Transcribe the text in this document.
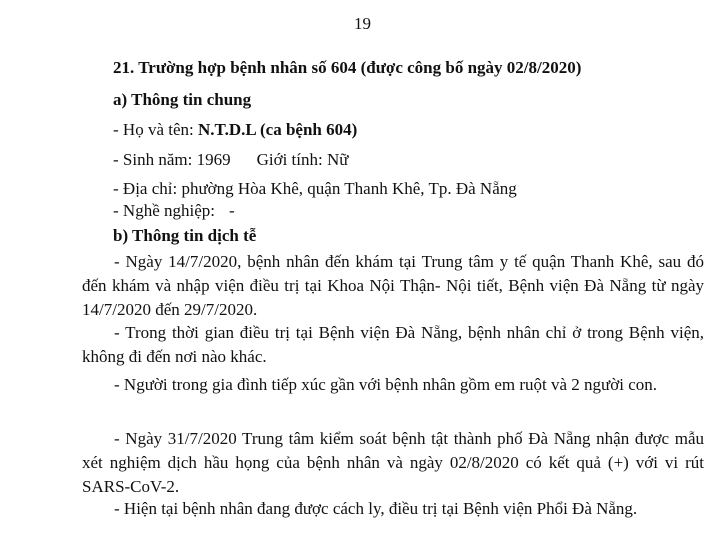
19
21. Trường hợp bệnh nhân số 604 (được công bố ngày 02/8/2020)
a) Thông tin chung
- Họ và tên: N.T.D.L (ca bệnh 604)
- Sinh năm: 1969 Giới tính: Nữ
- Địa chỉ: phường Hòa Khê, quận Thanh Khê, Tp. Đà Nẵng
- Nghề nghiệp: -
b) Thông tin dịch tễ
- Ngày 14/7/2020, bệnh nhân đến khám tại Trung tâm y tế quận Thanh Khê, sau đó đến khám và nhập viện điều trị tại Khoa Nội Thận- Nội tiết, Bệnh viện Đà Nẵng từ ngày 14/7/2020 đến 29/7/2020.
- Trong thời gian điều trị tại Bệnh viện Đà Nẵng, bệnh nhân chỉ ở trong Bệnh viện, không đi đến nơi nào khác.
- Người trong gia đình tiếp xúc gần với bệnh nhân gồm em ruột và 2 người con.
- Ngày 31/7/2020 Trung tâm kiểm soát bệnh tật thành phố Đà Nẵng nhận được mẫu xét nghiệm dịch hầu họng của bệnh nhân và ngày 02/8/2020 có kết quả (+) với vi rút SARS-CoV-2.
- Hiện tại bệnh nhân đang được cách ly, điều trị tại Bệnh viện Phổi Đà Nẵng.
